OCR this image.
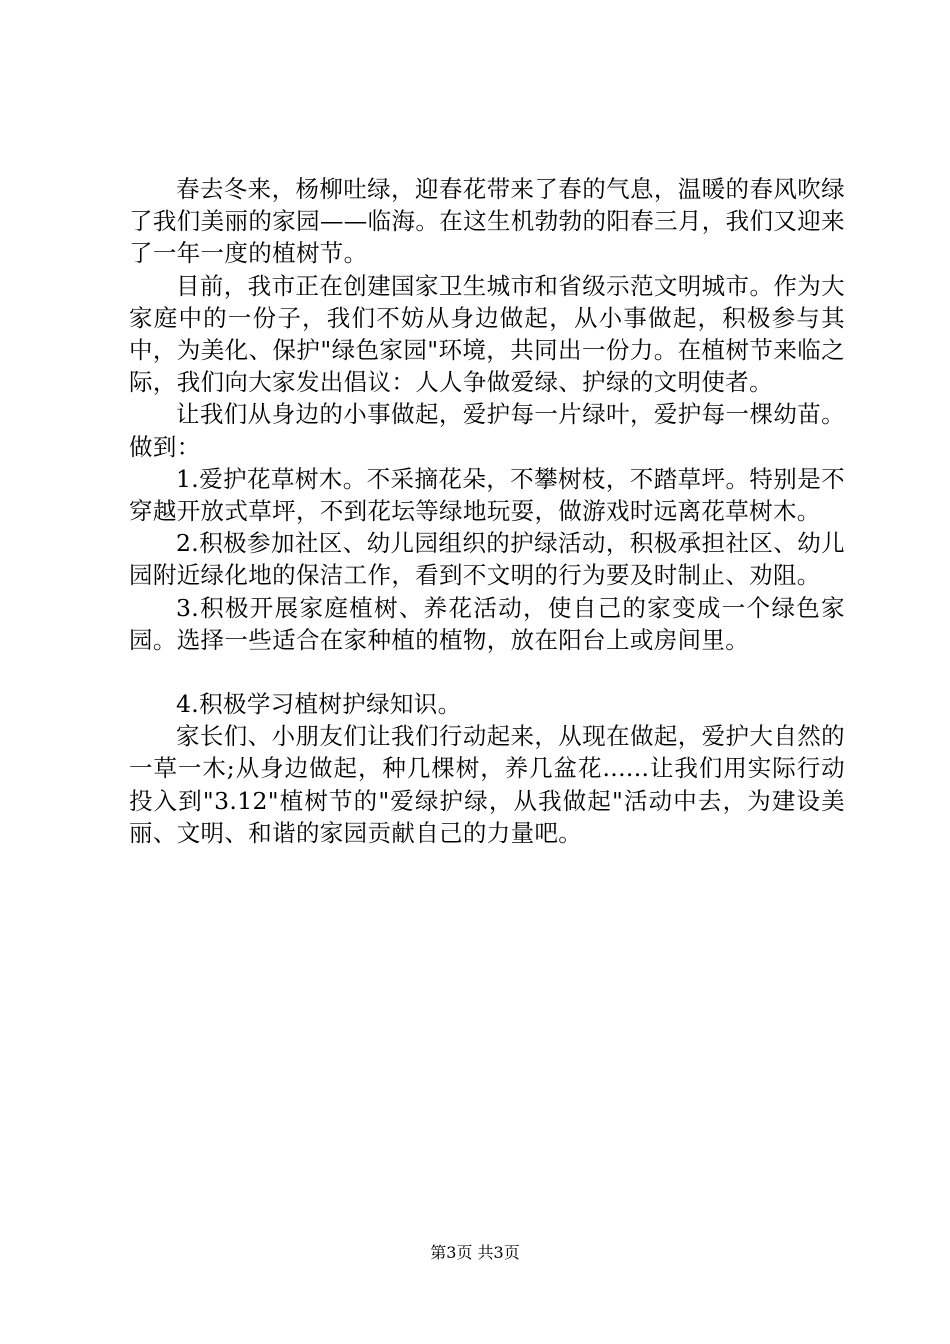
春去冬来，杨柳吐绿，迎春花带来了春的气息，温暖的春风吹绿了我们美丽的家园——临海。在这生机勃勃的阳春三月，我们又迎来了一年一度的植树节。

目前，我市正在创建国家卫生城市和省级示范文明城市。作为大家庭中的一份子，我们不妨从身边做起，从小事做起，积极参与其中，为美化、保护"绿色家园"环境，共同出一份力。在植树节来临之际，我们向大家发出倡议：人人争做爱绿、护绿的文明使者。

让我们从身边的小事做起，爱护每一片绿叶，爱护每一棵幼苗。做到：

1.爱护花草树木。不采摘花朵，不攀树枝，不踏草坪。特别是不穿越开放式草坪，不到花坛等绿地玩耍，做游戏时远离花草树木。

2.积极参加社区、幼儿园组织的护绿活动，积极承担社区、幼儿园附近绿化地的保洁工作，看到不文明的行为要及时制止、劝阻。

3.积极开展家庭植树、养花活动，使自己的家变成一个绿色家园。选择一些适合在家种植的植物，放在阳台上或房间里。

4.积极学习植树护绿知识。

家长们、小朋友们让我们行动起来，从现在做起，爱护大自然的一草一木;从身边做起，种几棵树，养几盆花......让我们用实际行动投入到"3.12"植树节的"爱绿护绿，从我做起"活动中去，为建设美丽、文明、和谐的家园贡献自己的力量吧。

第3页 共3页
